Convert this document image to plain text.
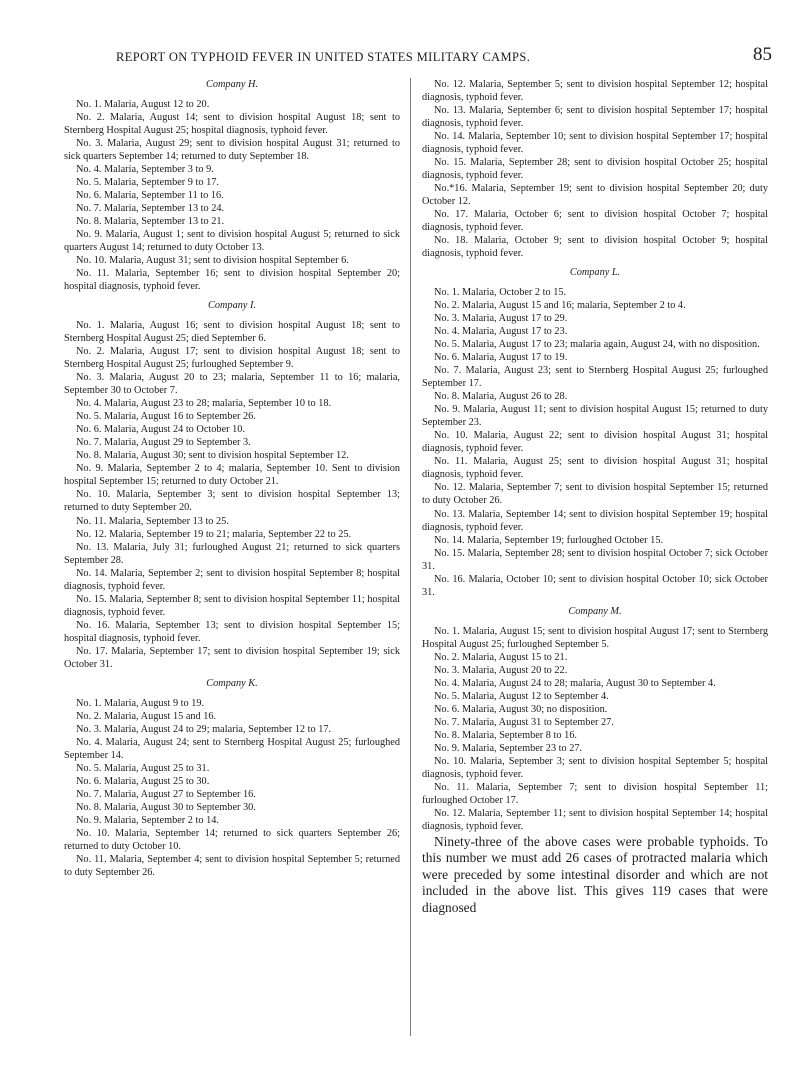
REPORT ON TYPHOID FEVER IN UNITED STATES MILITARY CAMPS.	85
Company H.
No. 1. Malaria, August 12 to 20.
No. 2. Malaria, August 14; sent to division hospital August 18; sent to Sternberg Hospital August 25; hospital diagnosis, typhoid fever.
No. 3. Malaria, August 29; sent to division hospital August 31; returned to sick quarters September 14; returned to duty September 18.
No. 4. Malaria, September 3 to 9.
No. 5. Malaria, September 9 to 17.
No. 6. Malaria, September 11 to 16.
No. 7. Malaria, September 13 to 24.
No. 8. Malaria, September 13 to 21.
No. 9. Malaria, August 1; sent to division hospital August 5; returned to sick quarters August 14; returned to duty October 13.
No. 10. Malaria, August 31; sent to division hospital September 6.
No. 11. Malaria, September 16; sent to division hospital September 20; hospital diagnosis, typhoid fever.
Company I.
No. 1. Malaria, August 16; sent to division hospital August 18; sent to Sternberg Hospital August 25; died September 6.
No. 2. Malaria, August 17; sent to division hospital August 18; sent to Sternberg Hospital August 25; furloughed September 9.
No. 3. Malaria, August 20 to 23; malaria, September 11 to 16; malaria, September 30 to October 7.
No. 4. Malaria, August 23 to 28; malaria, September 10 to 18.
No. 5. Malaria, August 16 to September 26.
No. 6. Malaria, August 24 to October 10.
No. 7. Malaria, August 29 to September 3.
No. 8. Malaria, August 30; sent to division hospital September 12.
No. 9. Malaria, September 2 to 4; malaria, September 10. Sent to division hospital September 15; returned to duty October 21.
No. 10. Malaria, September 3; sent to division hospital September 13; returned to duty September 20.
No. 11. Malaria, September 13 to 25.
No. 12. Malaria, September 19 to 21; malaria, September 22 to 25.
No. 13. Malaria, July 31; furloughed August 21; returned to sick quarters September 28.
No. 14. Malaria, September 2; sent to division hospital September 8; hospital diagnosis, typhoid fever.
No. 15. Malaria, September 8; sent to division hospital September 11; hospital diagnosis, typhoid fever.
No. 16. Malaria, September 13; sent to division hospital September 15; hospital diagnosis, typhoid fever.
No. 17. Malaria, September 17; sent to division hospital September 19; sick October 31.
Company K.
No. 1. Malaria, August 9 to 19.
No. 2. Malaria, August 15 and 16.
No. 3. Malaria, August 24 to 29; malaria, September 12 to 17.
No. 4. Malaria, August 24; sent to Sternberg Hospital August 25; furloughed September 14.
No. 5. Malaria, August 25 to 31.
No. 6. Malaria, August 25 to 30.
No. 7. Malaria, August 27 to September 16.
No. 8. Malaria, August 30 to September 30.
No. 9. Malaria, September 2 to 14.
No. 10. Malaria, September 14; returned to sick quarters September 26; returned to duty October 10.
No. 11. Malaria, September 4; sent to division hospital September 5; returned to duty September 26.
No. 12. Malaria, September 5; sent to division hospital September 12; hospital diagnosis, typhoid fever.
No. 13. Malaria, September 6; sent to division hospital September 17; hospital diagnosis, typhoid fever.
No. 14. Malaria, September 10; sent to division hospital September 17; hospital diagnosis, typhoid fever.
No. 15. Malaria, September 28; sent to division hospital October 25; hospital diagnosis, typhoid fever.
No.*16. Malaria, September 19; sent to division hospital September 20; duty October 12.
No. 17. Malaria, October 6; sent to division hospital October 7; hospital diagnosis, typhoid fever.
No. 18. Malaria, October 9; sent to division hospital October 9; hospital diagnosis, typhoid fever.
Company L.
No. 1. Malaria, October 2 to 15.
No. 2. Malaria, August 15 and 16; malaria, September 2 to 4.
No. 3. Malaria, August 17 to 29.
No. 4. Malaria, August 17 to 23.
No. 5. Malaria, August 17 to 23; malaria again, August 24, with no disposition.
No. 6. Malaria, August 17 to 19.
No. 7. Malaria, August 23; sent to Sternberg Hospital August 25; furloughed September 17.
No. 8. Malaria, August 26 to 28.
No. 9. Malaria, August 11; sent to division hospital August 15; returned to duty September 23.
No. 10. Malaria, August 22; sent to division hospital August 31; hospital diagnosis, typhoid fever.
No. 11. Malaria, August 25; sent to division hospital August 31; hospital diagnosis, typhoid fever.
No. 12. Malaria, September 7; sent to division hospital September 15; returned to duty October 26.
No. 13. Malaria, September 14; sent to division hospital September 19; hospital diagnosis, typhoid fever.
No. 14. Malaria, September 19; furloughed October 15.
No. 15. Malaria, September 28; sent to division hospital October 7; sick October 31.
No. 16. Malaria, October 10; sent to division hospital October 10; sick October 31.
Company M.
No. 1. Malaria, August 15; sent to division hospital August 17; sent to Sternberg Hospital August 25; furloughed September 5.
No. 2. Malaria, August 15 to 21.
No. 3. Malaria, August 20 to 22.
No. 4. Malaria, August 24 to 28; malaria, August 30 to September 4.
No. 5. Malaria, August 12 to September 4.
No. 6. Malaria, August 30; no disposition.
No. 7. Malaria, August 31 to September 27.
No. 8. Malaria, September 8 to 16.
No. 9. Malaria, September 23 to 27.
No. 10. Malaria, September 3; sent to division hospital September 5; hospital diagnosis, typhoid fever.
No. 11. Malaria, September 7; sent to division hospital September 11; furloughed October 17.
No. 12. Malaria, September 11; sent to division hospital September 14; hospital diagnosis, typhoid fever.
Ninety-three of the above cases were probable typhoids. To this number we must add 26 cases of protracted malaria which were preceded by some intestinal disorder and which are not included in the above list. This gives 119 cases that were diagnosed
